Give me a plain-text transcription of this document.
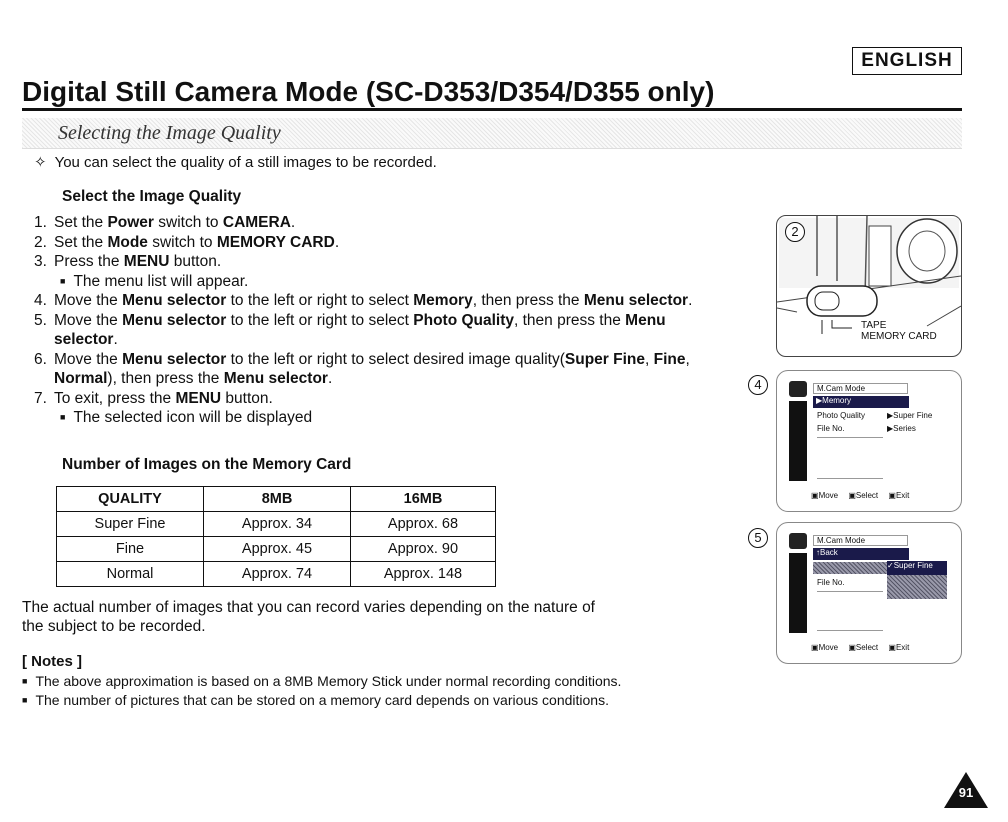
ENGLISH
Digital Still Camera Mode (SC-D353/D354/D355 only)
Selecting the Image Quality
✧ You can select the quality of a still images to be recorded.
Select the Image Quality
1. Set the Power switch to CAMERA.
2. Set the Mode switch to MEMORY CARD.
3. Press the MENU button.
■ The menu list will appear.
4. Move the Menu selector to the left or right to select Memory, then press the Menu selector.
5. Move the Menu selector to the left or right to select Photo Quality, then press the Menu
selector.
6. Move the Menu selector to the left or right to select desired image quality(Super Fine, Fine,
Normal), then press the Menu selector.
7. To exit, press the MENU button.
■ The selected icon will be displayed
Number of Images on the Memory Card
QUALITY	8MB	16MB
Super Fine	Approx. 34	Approx. 68
Fine	Approx. 45	Approx. 90
Normal	Approx. 74	Approx. 148
The actual number of images that you can record varies depending on the nature of
the subject to be recorded.
[ Notes ]
■ The above approximation is based on a 8MB Memory Stick under normal recording conditions.
■ The number of pictures that can be stored on a memory card depends on various conditions.
2
TAPE
MEMORY CARD
4	M.Cam Mode
▶Memory
Photo Quality
File No.
▶Super Fine
▶Series
▣Move ▣Select ▣Exit
5	M.Cam Mode
↑Back
✓Super Fine
File No.
▣Move ▣Select ▣Exit
91
